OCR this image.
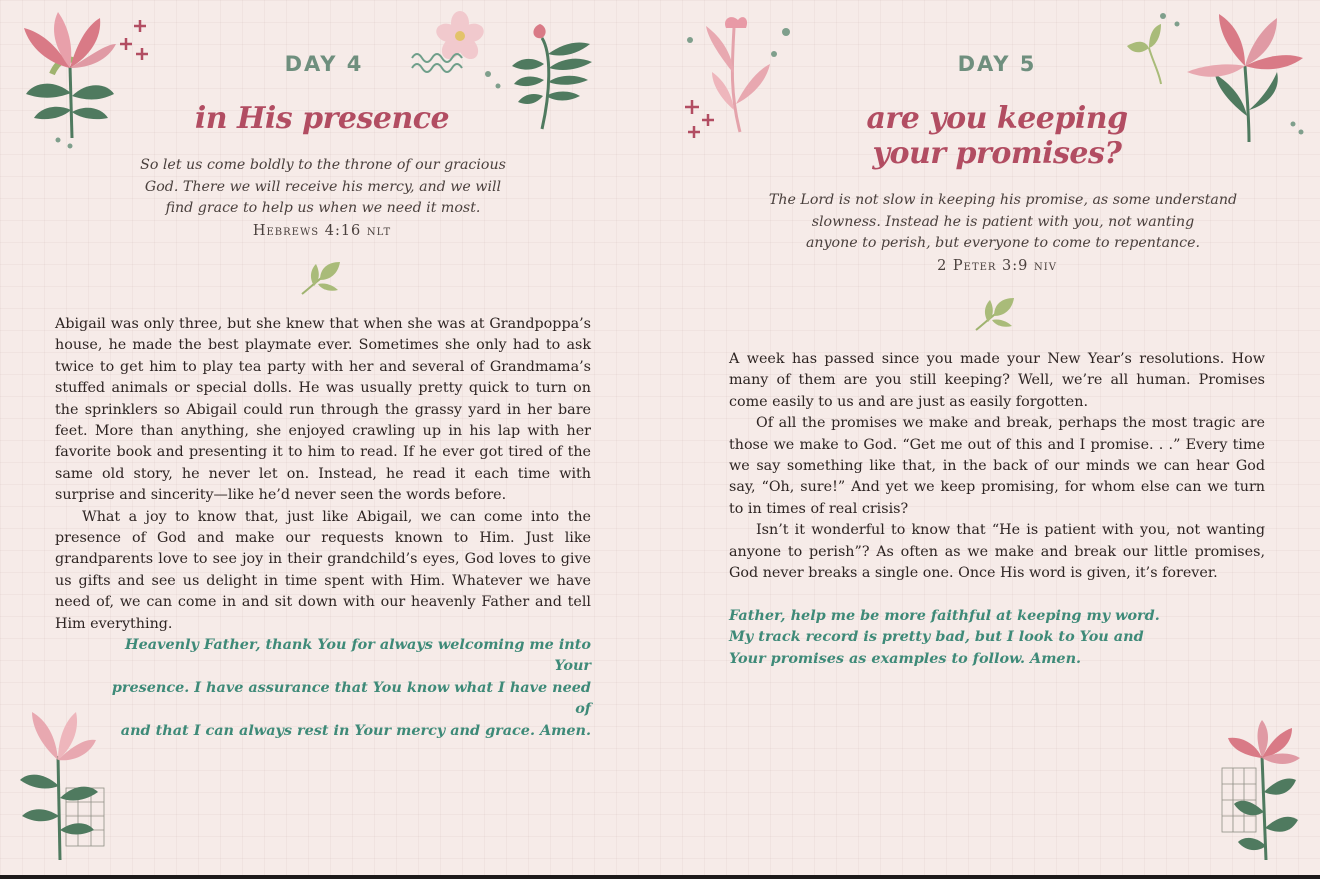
DAY 4
in His presence
So let us come boldly to the throne of our gracious
God. There we will receive his mercy, and we will
find grace to help us when we need it most.
Hebrews 4:16 nlt

Abigail was only three, but she knew that when she was at Grandpoppa’s house, he made the best playmate ever. Sometimes she only had to ask twice to get him to play tea party with her and several of Grandmama’s stuffed animals or special dolls. He was usually pretty quick to turn on the sprinklers so Abigail could run through the grassy yard in her bare feet. More than anything, she enjoyed crawling up in his lap with her favorite book and presenting it to him to read. If he ever got tired of the same old story, he never let on. Instead, he read it each time with surprise and sincerity—like he’d never seen the words before.

What a joy to know that, just like Abigail, we can come into the presence of God and make our requests known to Him. Just like grandparents love to see joy in their grandchild’s eyes, God loves to give us gifts and see us delight in time spent with Him. Whatever we have need of, we can come in and sit down with our heavenly Father and tell Him everything.

Heavenly Father, thank You for always welcoming me into Your
presence. I have assurance that You know what I have need of
and that I can always rest in Your mercy and grace. Amen.
DAY 5
are you keeping
your promises?
The Lord is not slow in keeping his promise, as some understand
slowness. Instead he is patient with you, not wanting
anyone to perish, but everyone to come to repentance.
2 Peter 3:9 niv

A week has passed since you made your New Year’s resolutions. How many of them are you still keeping? Well, we’re all human. Promises come easily to us and are just as easily forgotten.

Of all the promises we make and break, perhaps the most tragic are those we make to God. “Get me out of this and I promise. . .” Every time we say something like that, in the back of our minds we can hear God say, “Oh, sure!” And yet we keep promising, for whom else can we turn to in times of real crisis?

Isn’t it wonderful to know that “He is patient with you, not wanting anyone to perish”? As often as we make and break our little promises, God never breaks a single one. Once His word is given, it’s forever.

Father, help me be more faithful at keeping my word.
My track record is pretty bad, but I look to You and
Your promises as examples to follow. Amen.
